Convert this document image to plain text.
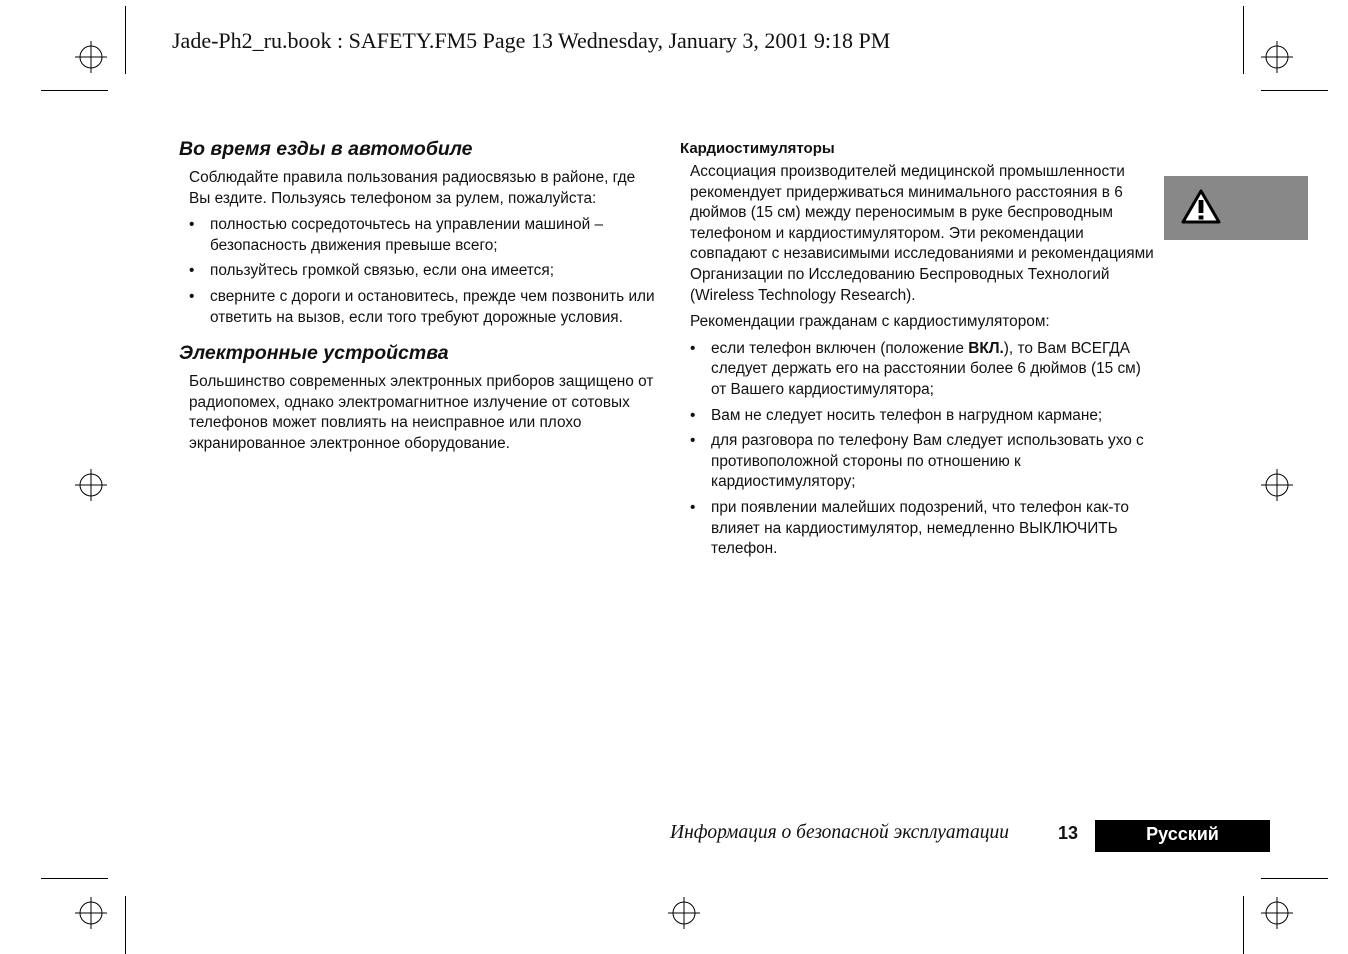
Jade-Ph2_ru.book : SAFETY.FM5 Page 13 Wednesday, January 3, 2001 9:18 PM
Во время езды в автомобиле

Соблюдайте правила пользования радиосвязью в районе, где Вы ездите. Пользуясь телефоном за рулем, пожалуйста:

• полностью сосредоточьтесь на управлении машиной – безопасность движения превыше всего;
• пользуйтесь громкой связью, если она имеется;
• сверните с дороги и остановитесь, прежде чем позвонить или ответить на вызов, если того требуют дорожные условия.
Электронные устройства

Большинство современных электронных приборов защищено от радиопомех, однако электромагнитное излучение от сотовых телефонов может повлиять на неисправное или плохо экранированное электронное оборудование.

Кардиостимуляторы

Ассоциация производителей медицинской промышленности рекомендует придерживаться минимального расстояния в 6 дюймов (15 см) между переносимым в руке беспроводным телефоном и кардиостимулятором. Эти рекомендации совпадают с независимыми исследованиями и рекомендациями Организации по Исследованию Беспроводных Технологий (Wireless Technology Research).

Рекомендации гражданам с кардиостимулятором:

• если телефон включен (положение ВКЛ.), то Вам ВСЕГДА следует держать его на расстоянии более 6 дюймов (15 см) от Вашего кардиостимулятора;
• Вам не следует носить телефон в нагрудном кармане;
• для разговора по телефону Вам следует использовать ухо с противоположной стороны по отношению к кардиостимулятору;
• при появлении малейших подозрений, что телефон как-то влияет на кардиостимулятор, немедленно ВЫКЛЮЧИТЬ телефон.
Информация о безопасной эксплуатации	13	Русский
